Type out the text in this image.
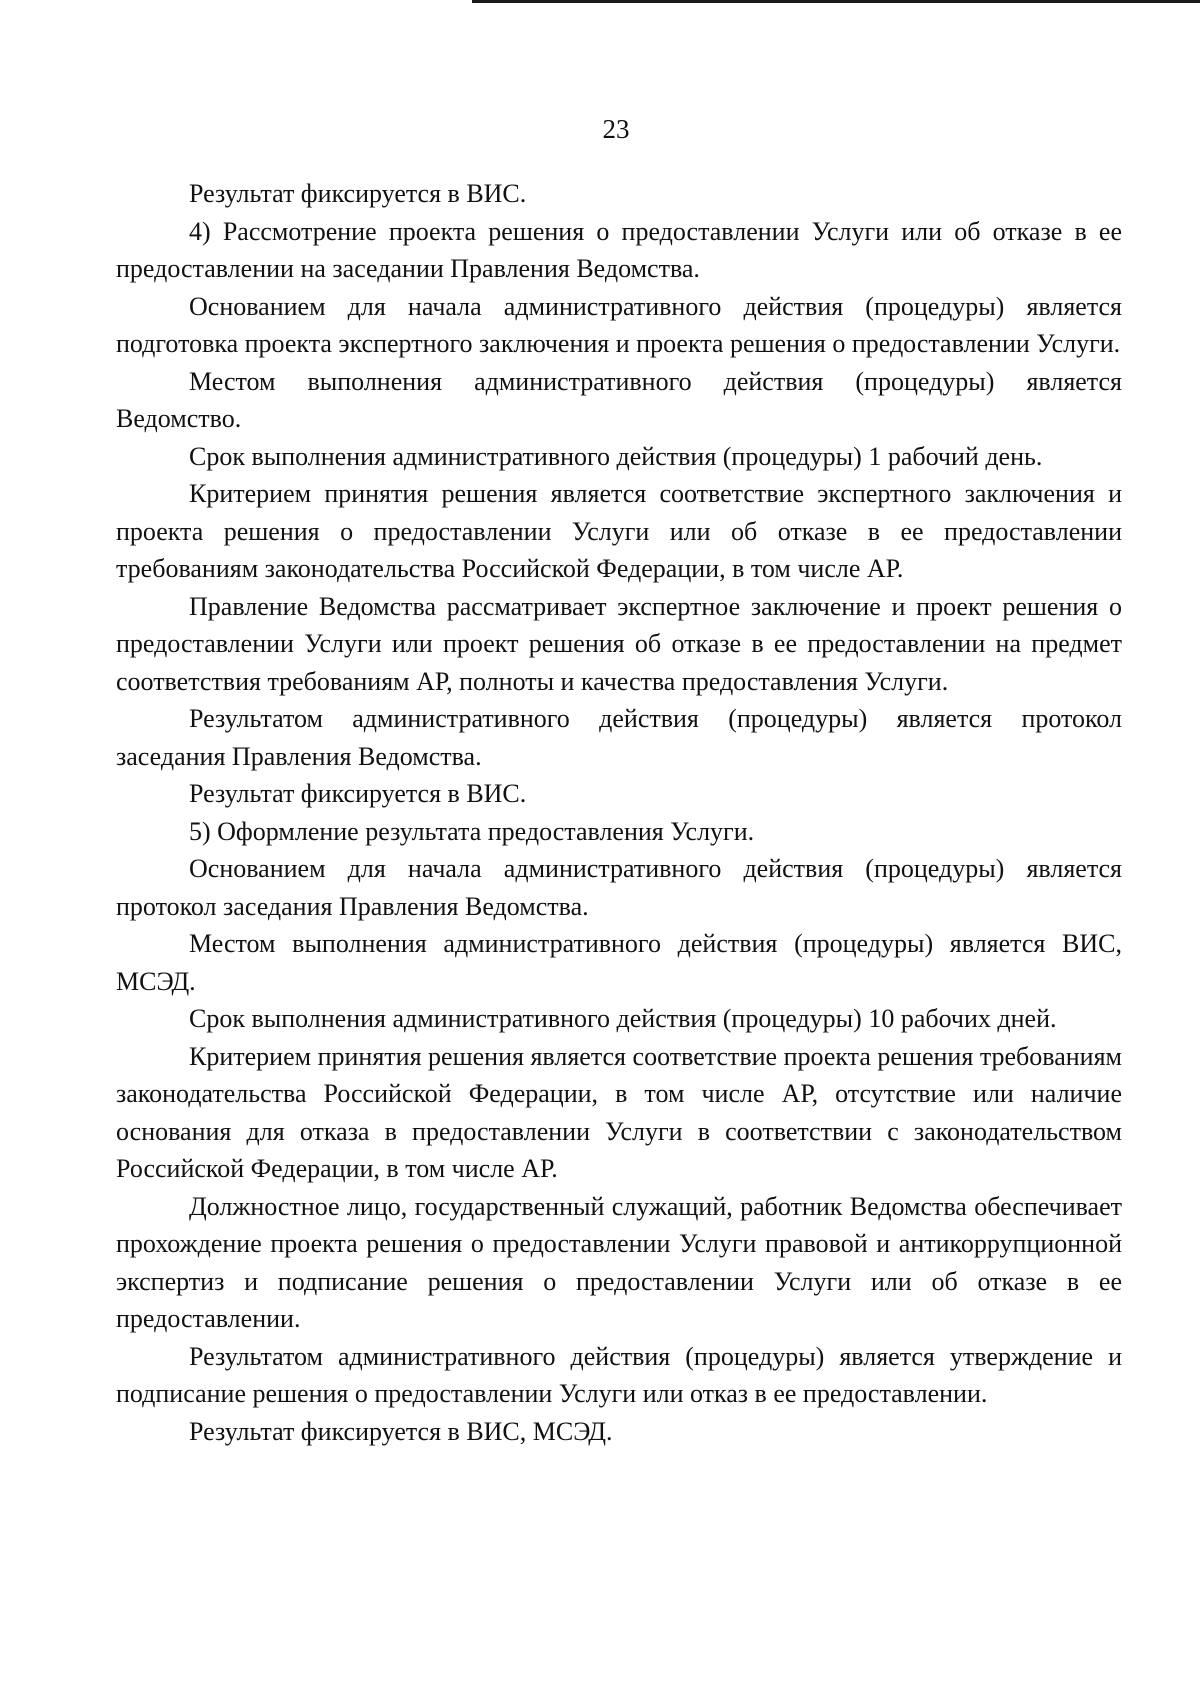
23

Результат фиксируется в ВИС.

4) Рассмотрение проекта решения о предоставлении Услуги или об отказе в ее предоставлении на заседании Правления Ведомства.

Основанием для начала административного действия (процедуры) является подготовка проекта экспертного заключения и проекта решения о предоставлении Услуги.

Местом выполнения административного действия (процедуры) является Ведомство.

Срок выполнения административного действия (процедуры) 1 рабочий день.

Критерием принятия решения является соответствие экспертного заключения и проекта решения о предоставлении Услуги или об отказе в ее предоставлении требованиям законодательства Российской Федерации, в том числе АР.

Правление Ведомства рассматривает экспертное заключение и проект решения о предоставлении Услуги или проект решения об отказе в ее предоставлении на предмет соответствия требованиям АР, полноты и качества предоставления Услуги.

Результатом административного действия (процедуры) является протокол заседания Правления Ведомства.

Результат фиксируется в ВИС.

5) Оформление результата предоставления Услуги.

Основанием для начала административного действия (процедуры) является протокол заседания Правления Ведомства.

Местом выполнения административного действия (процедуры) является ВИС, МСЭД.

Срок выполнения административного действия (процедуры) 10 рабочих дней.

Критерием принятия решения является соответствие проекта решения требованиям законодательства Российской Федерации, в том числе АР, отсутствие или наличие основания для отказа в предоставлении Услуги в соответствии с законодательством Российской Федерации, в том числе АР.

Должностное лицо, государственный служащий, работник Ведомства обеспечивает прохождение проекта решения о предоставлении Услуги правовой и антикоррупционной экспертиз и подписание решения о предоставлении Услуги или об отказе в ее предоставлении.

Результатом административного действия (процедуры) является утверждение и подписание решения о предоставлении Услуги или отказ в ее предоставлении.

Результат фиксируется в ВИС, МСЭД.
